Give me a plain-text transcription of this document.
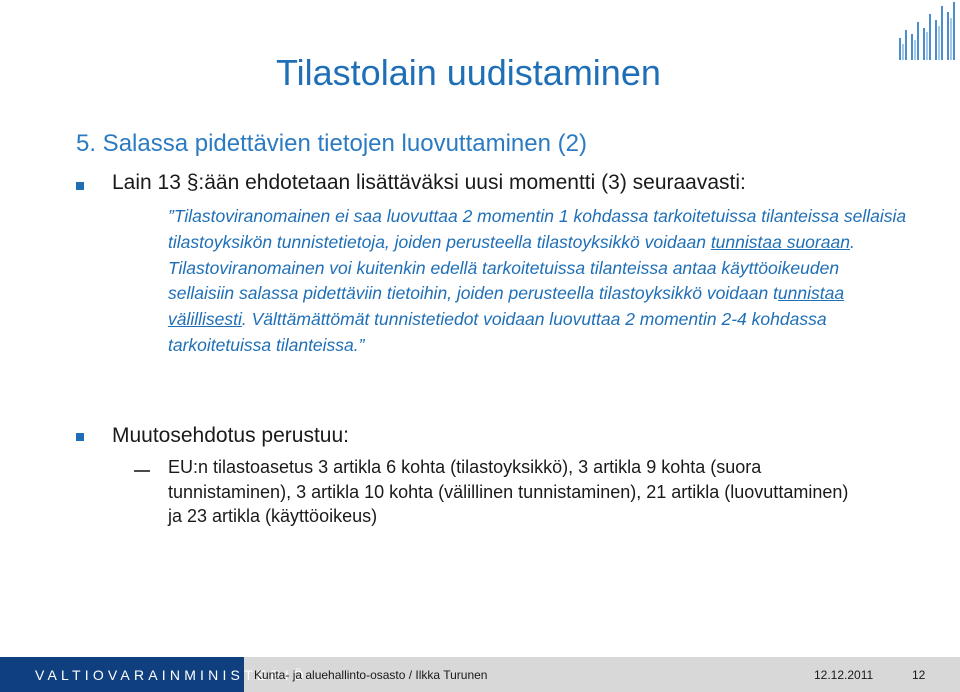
Tilastolain uudistaminen
5. Salassa pidettävien tietojen luovuttaminen (2)
Lain 13 §:ään ehdotetaan lisättäväksi uusi momentti (3) seuraavasti:
”Tilastoviranomainen ei saa luovuttaa 2 momentin 1 kohdassa tarkoitetuissa tilanteissa sellaisia tilastoyksikön tunnistetietoja, joiden perusteella tilastoyksikkö voidaan tunnistaa suoraan. Tilastoviranomainen voi kuitenkin edellä tarkoitetuissa tilanteissa antaa käyttöoikeuden sellaisiin salassa pidettäviin tietoihin, joiden perusteella tilastoyksikkö voidaan tunnistaa välillisesti. Välttämättömät tunnistetiedot voidaan luovuttaa 2 momentin 2-4 kohdassa tarkoitetuissa tilanteissa.”
Muutosehdotus perustuu:
EU:n tilastoasetus 3 artikla 6 kohta (tilastoyksikkö), 3 artikla 9 kohta (suora tunnistaminen), 3 artikla 10 kohta (välillinen tunnistaminen), 21 artikla (luovuttaminen) ja 23 artikla (käyttöoikeus)
VALTIOVARAINMINISTERIÖ
Kunta- ja aluehallinto-osasto / Ilkka Turunen	12.12.2011	12
